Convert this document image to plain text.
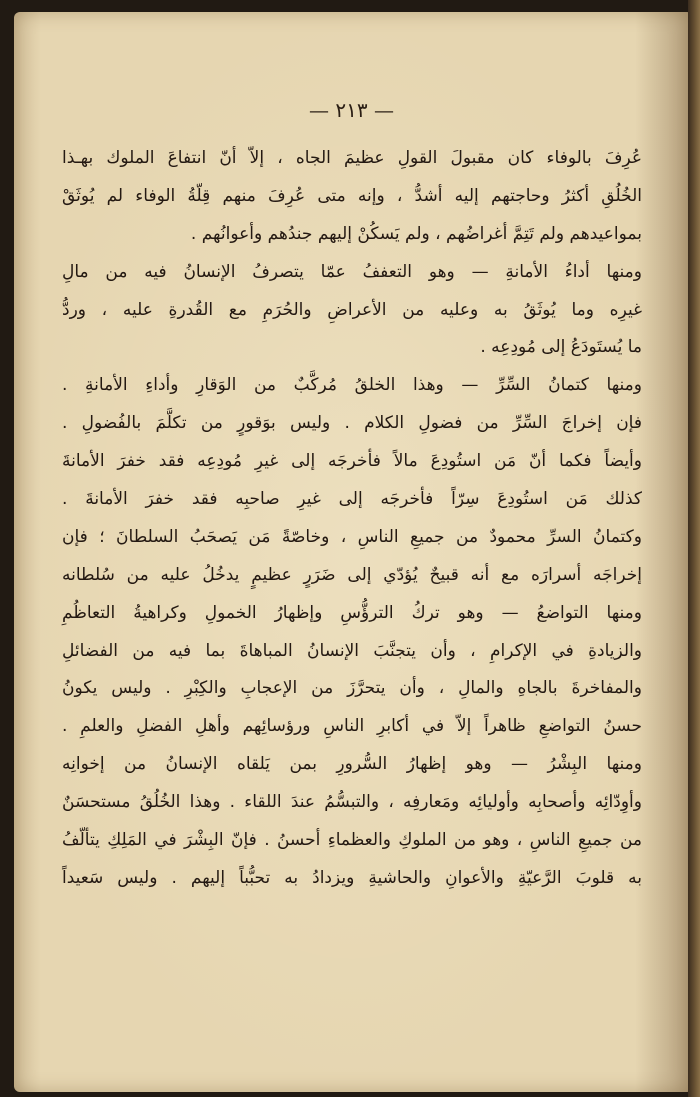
— ٢١٣ —
عُرِفَ بالوفاء كان مقبولَ القولِ عظيمَ الجاه ، إلاّ أنّ انتفاعَ الملوك بهـذا
الخُلُقِ أكثرُ وحاجتهم إليه أشدُّ ، وإنه متى عُرِفَ منهم قِلّةُ الوفاء لم يُوثَقْ
بمواعيدهم ولم تَتِمَّ أغراضُهم ، ولم يَسكُنْ إليهم جندُهم وأعوانُهم .
ومنها أداءُ الأمانةِ — وهو التعففُ عمّا يتصرفُ الإنسانُ فيه من مالِ
غيرِه وما يُوثَقُ به وعليه من الأعراضِ والحُرَمِ مع القُدرةِ عليه ، وردُّ
ما يُستَودَعُ إلى مُودِعِه .
ومنها كتمانُ السِّرِّ — وهذا الخلقُ مُركَّبٌ من الوَقارِ وأداءِ الأمانةِ .
فإن إخراجَ السِّرِّ من فضولِ الكلام . وليس بوَقورٍ من تكلَّمَ بالفُضولِ .
وأيضاً فكما أنّ مَن استُودِعَ مالاً فأخرجَه إلى غيرِ مُودِعِه فقد خفرَ الأمانةَ
كذلك مَن استُودِعَ سِرّاً فأخرجَه إلى غيرِ صاحبِه فقد خفرَ الأمانةَ .
وكتمانُ السرِّ محمودٌ من جميعِ الناسِ ، وخاصّةً مَن يَصحَبُ السلطانَ ؛ فإن
إخراجَه أسرارَه مع أنه قبيحٌ يُؤدّي إلى ضَرَرٍ عظيمٍ يدخُلُ عليه من سُلطانه
ومنها التواضعُ — وهو تركُ الترؤُّسِ وإظهارُ الخمولِ وكراهيةُ التعاظُمِ
والزيادةِ في الإكرامِ ، وأن يتجنَّبَ الإنسانُ المباهاةَ بما فيه من الفضائلِ
والمفاخرةَ بالجاهِ والمالِ ، وأن يتحرَّزَ من الإعجابِ والكِبْرِ . وليس يكونُ
حسنُ التواضعِ ظاهراً إلاّ في أكابرِ الناسِ ورؤسائِهم وأهلِ الفضلِ والعلمِ .
ومنها البِشْرُ — وهو إظهارُ السُّرورِ بمن يَلقاه الإنسانُ من إخوانِه
وأوِدّائِه وأصحابِه وأوليائِه ومَعارفِه ، والتبسُّمُ عندَ اللقاء . وهذا الخُلُقُ مستحسَنٌ
من جميعِ الناسِ ، وهو من الملوكِ والعظماءِ أحسنُ . فإنّ البِشْرَ في المَلِكِ يتألّفُ
به قلوبَ الرَّعيّةِ والأعوانِ والحاشيةِ ويزدادُ به تحبُّباً إليهم . وليس سَعيداً
